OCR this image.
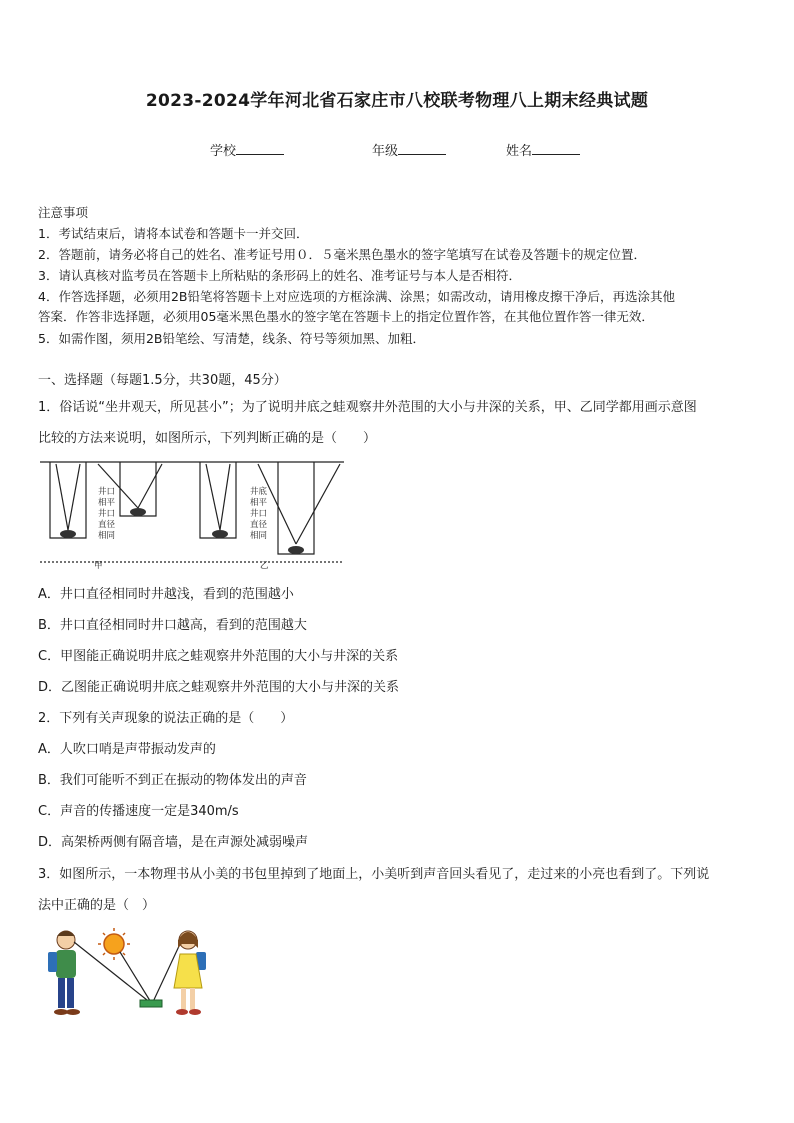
2023-2024学年河北省石家庄市八校联考物理八上期末经典试题
学校	年级	姓名
注意事项
1．考试结束后，请将本试卷和答题卡一并交回．
2．答题前，请务必将自己的姓名、准考证号用０．５毫米黑色墨水的签字笔填写在试卷及答题卡的规定位置．
3．请认真核对监考员在答题卡上所粘贴的条形码上的姓名、准考证号与本人是否相符．
4．作答选择题，必须用2B铅笔将答题卡上对应选项的方框涂满、涂黑；如需改动，请用橡皮擦干净后，再选涂其他
答案．作答非选择题，必须用05毫米黑色墨水的签字笔在答题卡上的指定位置作答，在其他位置作答一律无效．
5．如需作图，须用2B铅笔绘、写清楚，线条、符号等须加黑、加粗．
一、选择题（每题1.5分，共30题，45分）
1．俗话说“坐井观天，所见甚小”；为了说明井底之蛙观察井外范围的大小与井深的关系，甲、乙同学都用画示意图
比较的方法来说明，如图所示，下列判断正确的是（　　）
井口
相平
井口
直径
相同
井底
相平
井口
直径
相同
甲	乙
A．井口直径相同时井越浅，看到的范围越小
B．井口直径相同时井口越高，看到的范围越大
C．甲图能正确说明井底之蛙观察井外范围的大小与井深的关系
D．乙图能正确说明井底之蛙观察井外范围的大小与井深的关系
2．下列有关声现象的说法正确的是（　　）
A．人吹口哨是声带振动发声的
B．我们可能听不到正在振动的物体发出的声音
C．声音的传播速度一定是340m/s
D．高架桥两侧有隔音墙，是在声源处减弱噪声
3．如图所示，一本物理书从小美的书包里掉到了地面上，小美听到声音回头看见了，走过来的小亮也看到了。下列说
法中正确的是（　）
